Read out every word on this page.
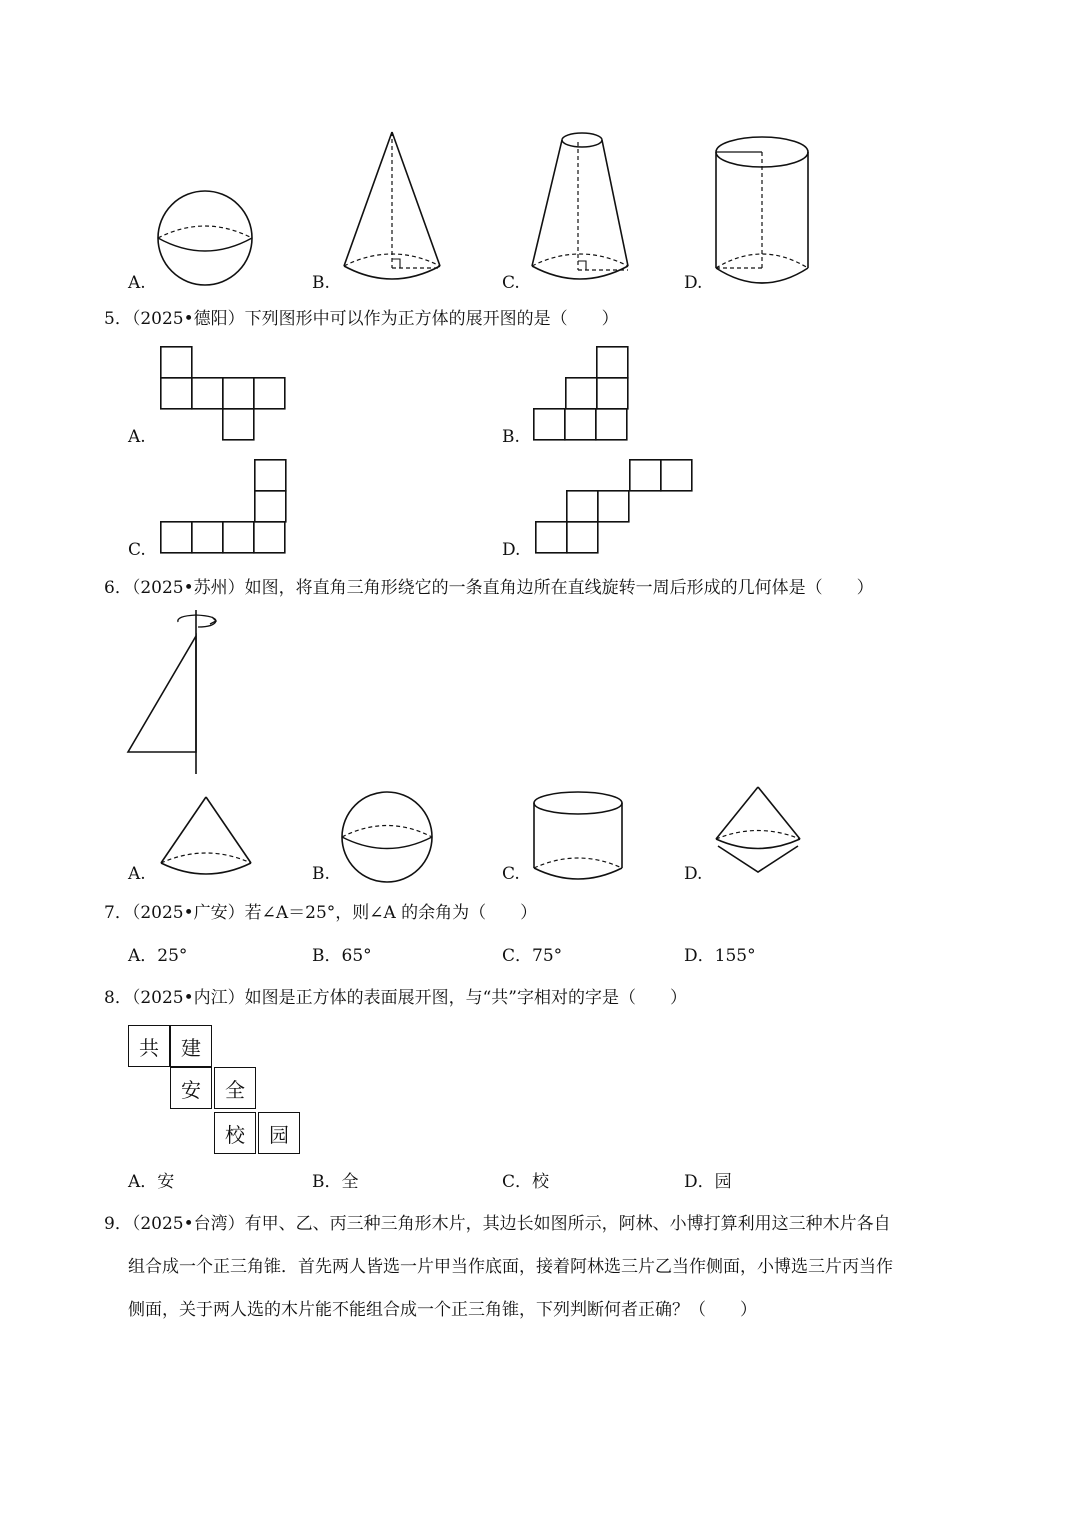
A.	B.	C.	D.
5．（2025•德阳）下列图形中可以作为正方体的展开图的是（　　）
A.	B.
C.	D.
6．（2025•苏州）如图，将直角三角形绕它的一条直角边所在直线旋转一周后形成的几何体是（　　）
A.	B.	C.	D.
7．（2025•广安）若∠A＝25°，则∠A 的余角为（　　）
A．25°	B．65°	C．75°	D．155°
8．（2025•内江）如图是正方体的表面展开图，与“共”字相对的字是（　　）
共	建
安	全
校	园
A．安	B．全	C．校	D．园
9．（2025•台湾）有甲、乙、丙三种三角形木片，其边长如图所示，阿林、小博打算利用这三种木片各自
组合成一个正三角锥．首先两人皆选一片甲当作底面，接着阿林选三片乙当作侧面，小博选三片丙当作
侧面，关于两人选的木片能不能组合成一个正三角锥，下列判断何者正确？（　　）
